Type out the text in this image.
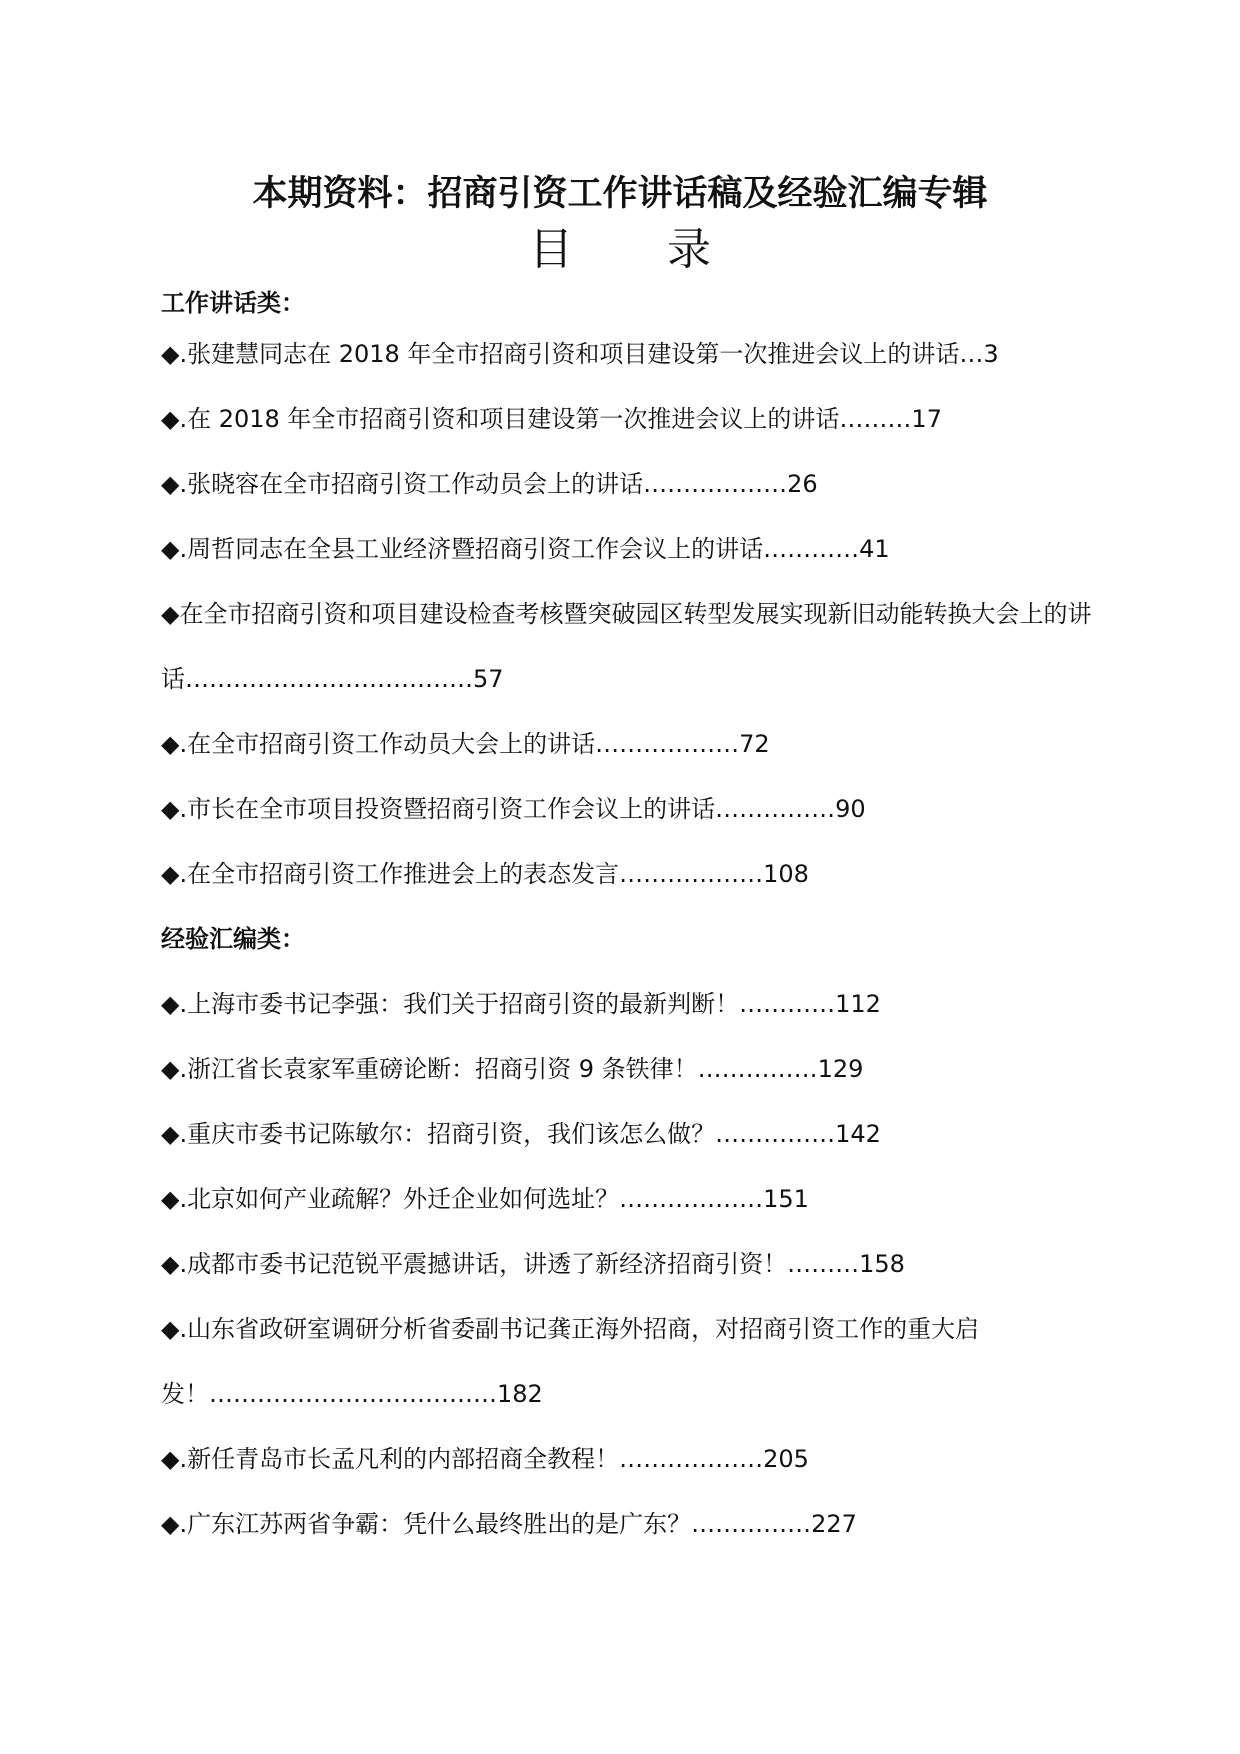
本期资料：招商引资工作讲话稿及经验汇编专辑
目 录
工作讲话类：
◆.张建慧同志在 2018 年全市招商引资和项目建设第一次推进会议上的讲话…3
◆.在 2018 年全市招商引资和项目建设第一次推进会议上的讲话………17
◆.张晓容在全市招商引资工作动员会上的讲话………………26
◆.周哲同志在全县工业经济暨招商引资工作会议上的讲话…………41
◆在全市招商引资和项目建设检查考核暨突破园区转型发展实现新旧动能转换大会上的讲
话………………………………57
◆.在全市招商引资工作动员大会上的讲话………………72
◆.市长在全市项目投资暨招商引资工作会议上的讲话……………90
◆.在全市招商引资工作推进会上的表态发言………………108
经验汇编类：
◆.上海市委书记李强：我们关于招商引资的最新判断！…………112
◆.浙江省长袁家军重磅论断：招商引资 9 条铁律！……………129
◆.重庆市委书记陈敏尔：招商引资，我们该怎么做？……………142
◆.北京如何产业疏解？外迁企业如何选址？………………151
◆.成都市委书记范锐平震撼讲话，讲透了新经济招商引资！………158
◆.山东省政研室调研分析省委副书记龚正海外招商，对招商引资工作的重大启
发！………………………………182
◆.新任青岛市长孟凡利的内部招商全教程！………………205
◆.广东江苏两省争霸：凭什么最终胜出的是广东？……………227
